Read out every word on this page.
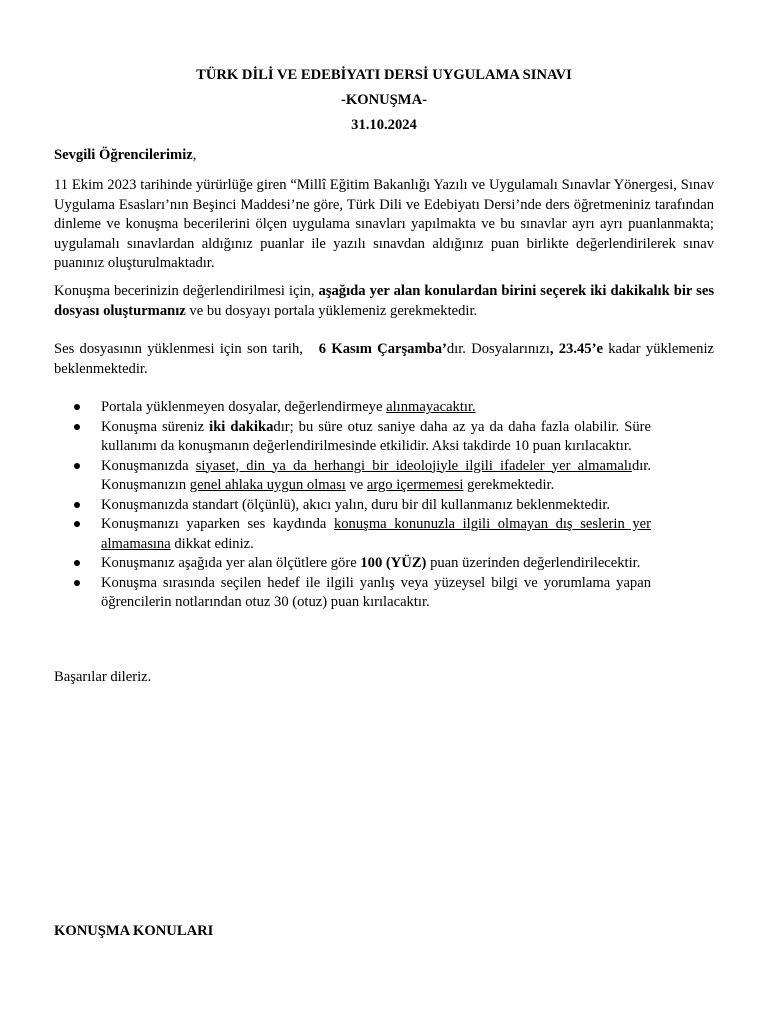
TÜRK DİLİ VE EDEBİYATI DERSİ UYGULAMA SINAVI
-KONUŞMA-
31.10.2024

Sevgili Öğrencilerimiz,

11 Ekim 2023 tarihinde yürürlüğe giren “Millî Eğitim Bakanlığı Yazılı ve Uygulamalı Sınavlar Yönergesi, Sınav Uygulama Esasları’nın Beşinci Maddesi’ne göre, Türk Dili ve Edebiyatı Dersi’nde ders öğretmeniniz tarafından dinleme ve konuşma becerilerini ölçen uygulama sınavları yapılmakta ve bu sınavlar ayrı ayrı puanlanmakta; uygulamalı sınavlardan aldığınız puanlar ile yazılı sınavdan aldığınız puan birlikte değerlendirilerek sınav puanınız oluşturulmaktadır.

Konuşma becerinizin değerlendirilmesi için, aşağıda yer alan konulardan birini seçerek iki dakikalık bir ses dosyası oluşturmanız ve bu dosyayı portala yüklemeniz gerekmektedir.

Ses dosyasının yüklenmesi için son tarih,   6 Kasım Çarşamba’dır. Dosyalarınızı, 23.45’e kadar yüklemeniz beklenmektedir.

Portala yüklenmeyen dosyalar, değerlendirmeye alınmayacaktır.
Konuşma süreniz iki dakikadır; bu süre otuz saniye daha az ya da daha fazla olabilir. Süre kullanımı da konuşmanın değerlendirilmesinde etkilidir. Aksi takdirde 10 puan kırılacaktır.
Konuşmanızda siyaset, din ya da herhangi bir ideolojiyle ilgili ifadeler yer almamalıdır. Konuşmanızın genel ahlaka uygun olması ve argo içermemesi gerekmektedir.
Konuşmanızda standart (ölçünlü), akıcı yalın, duru bir dil kullanmanız beklenmektedir.
Konuşmanızı yaparken ses kaydında konuşma konunuzla ilgili olmayan dış seslerin yer almamasına dikkat ediniz.
Konuşmanız aşağıda yer alan ölçütlere göre 100 (YÜZ) puan üzerinden değerlendirilecektir.
Konuşma sırasında seçilen hedef ile ilgili yanlış veya yüzeysel bilgi ve yorumlama yapan öğrencilerin notlarından otuz 30 (otuz) puan kırılacaktır.

Başarılar dileriz.

KONUŞMA KONULARI
